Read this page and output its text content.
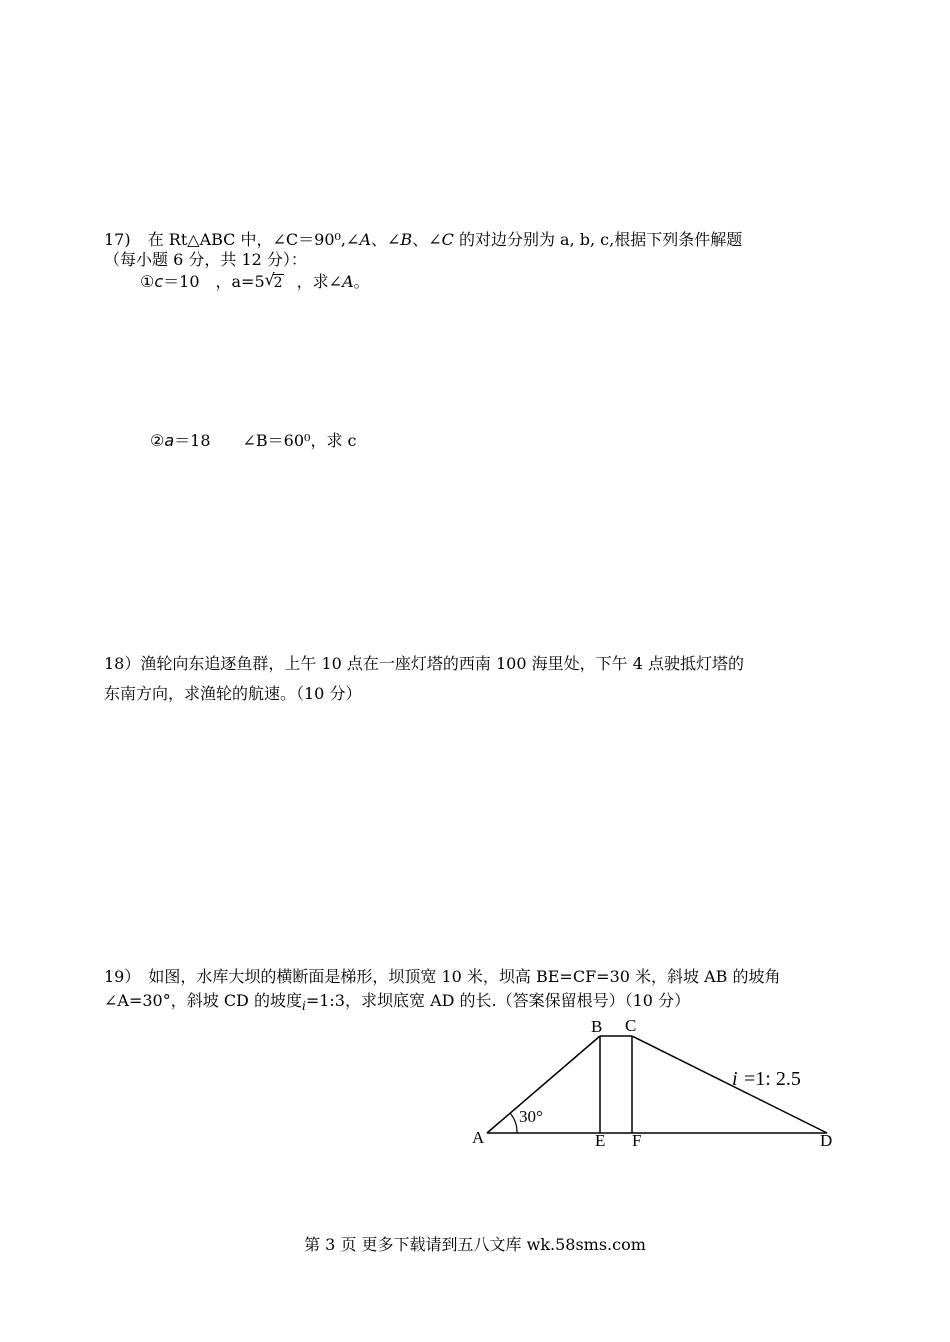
17) 在 Rt△ABC 中，∠C＝90⁰,∠A、∠B、∠C 的对边分别为 a, b, c,根据下列条件解题
（每小题 6 分，共 12 分）：
①c＝10　，a=5 √
2 ，求∠A。
②a＝18　　∠B＝60⁰，求 c
18）渔轮向东追逐鱼群，上午 10 点在一座灯塔的西南 100 海里处，下午 4 点驶抵灯塔的
东南方向，求渔轮的航速。（10 分）
19）　如图，水库大坝的横断面是梯形，坝顶宽 10 米，坝高 BE=CF=30 米，斜坡 AB 的坡角
∠A=30°，斜坡 CD 的坡度$_i$=1:3，求坝底宽 AD 的长.（答案保留根号）（10 分）
A
B C
D
E F
30°
i =1: 2.5
第 3 页 更多下载请到五八文库 wk.58sms.com
